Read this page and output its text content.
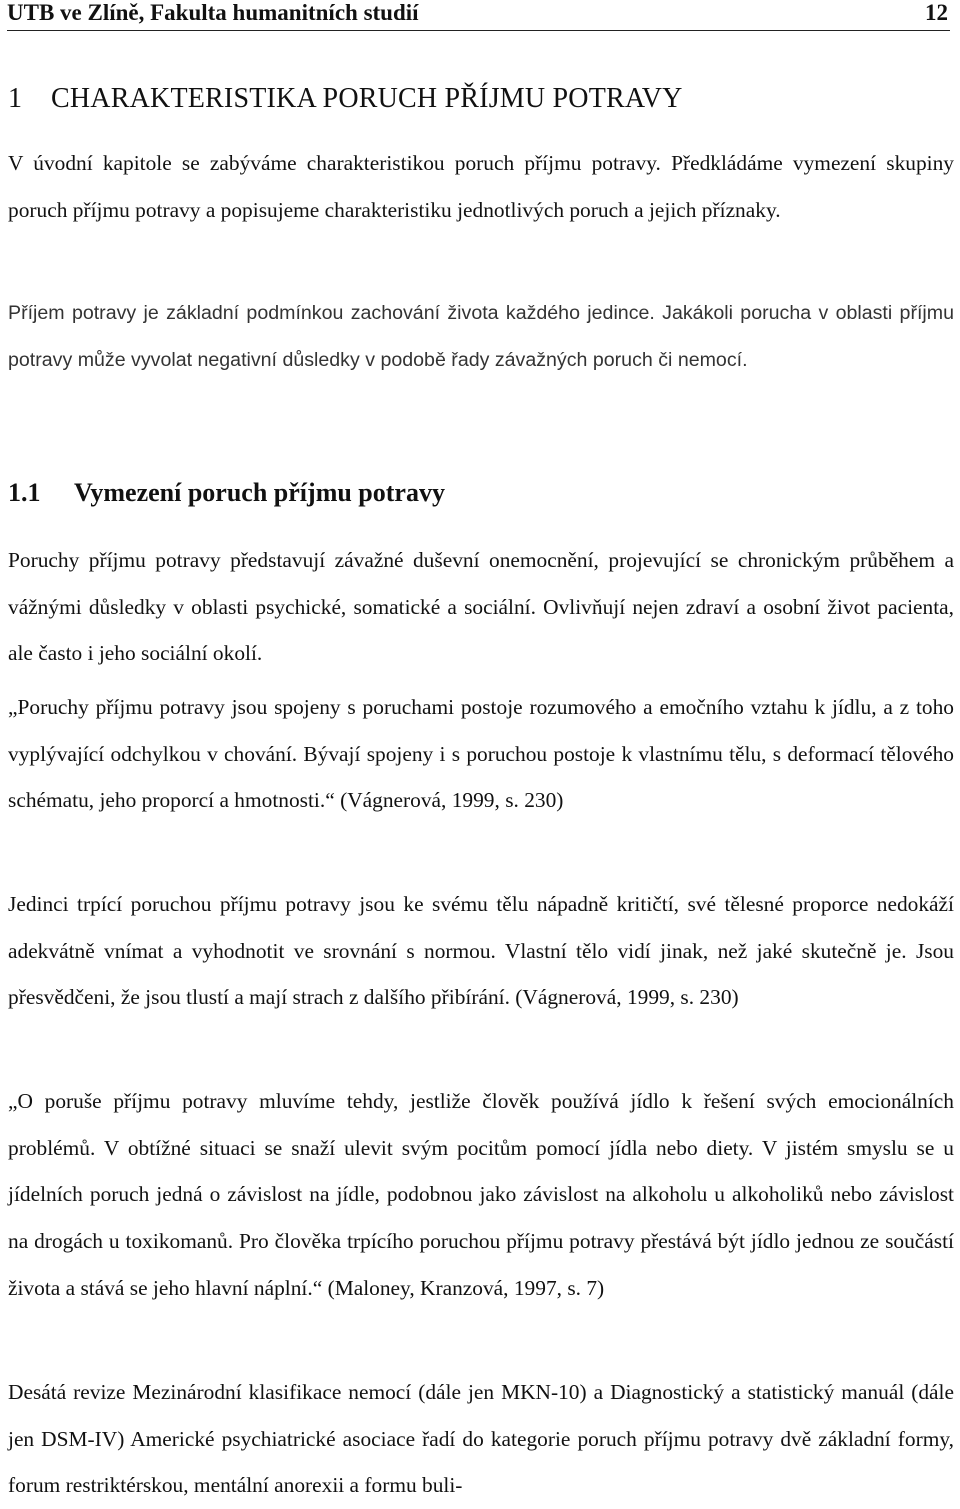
UTB ve Zlíně, Fakulta humanitních studií	12
1 CHARAKTERISTIKA PORUCH PŘÍJMU POTRAVY

V úvodní kapitole se zabýváme charakteristikou poruch příjmu potravy. Předkládáme vymezení skupiny poruch příjmu potravy a popisujeme charakteristiku jednotlivých poruch a jejich příznaky.

Příjem potravy je základní podmínkou zachování života každého jedince. Jakákoli porucha v oblasti příjmu potravy může vyvolat negativní důsledky v podobě řady závažných poruch či nemocí.

1.1 Vymezení poruch příjmu potravy

Poruchy příjmu potravy představují závažné duševní onemocnění, projevující se chronickým průběhem a vážnými důsledky v oblasti psychické, somatické a sociální. Ovlivňují nejen zdraví a osobní život pacienta, ale často i jeho sociální okolí.

„Poruchy příjmu potravy jsou spojeny s poruchami postoje rozumového a emočního vztahu k jídlu, a z toho vyplývající odchylkou v chování. Bývají spojeny i s poruchou postoje k vlastnímu tělu, s deformací tělového schématu, jeho proporcí a hmotnosti.“ (Vágnerová, 1999, s. 230)

Jedinci trpící poruchou příjmu potravy jsou ke svému tělu nápadně kritičtí, své tělesné proporce nedokáží adekvátně vnímat a vyhodnotit ve srovnání s normou. Vlastní tělo vidí jinak, než jaké skutečně je. Jsou přesvědčeni, že jsou tlustí a mají strach z dalšího přibírání. (Vágnerová, 1999, s. 230)

„O poruše příjmu potravy mluvíme tehdy, jestliže člověk používá jídlo k řešení svých emocionálních problémů. V obtížné situaci se snaží ulevit svým pocitům pomocí jídla nebo diety. V jistém smyslu se u jídelních poruch jedná o závislost na jídle, podobnou jako závislost na alkoholu u alkoholiků nebo závislost na drogách u toxikomanů. Pro člověka trpícího poruchou příjmu potravy přestává být jídlo jednou ze součástí života a stává se jeho hlavní náplní.“ (Maloney, Kranzová, 1997, s. 7)

Desátá revize Mezinárodní klasifikace nemocí (dále jen MKN-10) a Diagnostický a statistický manuál (dále jen DSM-IV) Americké psychiatrické asociace řadí do kategorie poruch příjmu potravy dvě základní formy, forum restriktérskou, mentální anorexii a formu buli-
